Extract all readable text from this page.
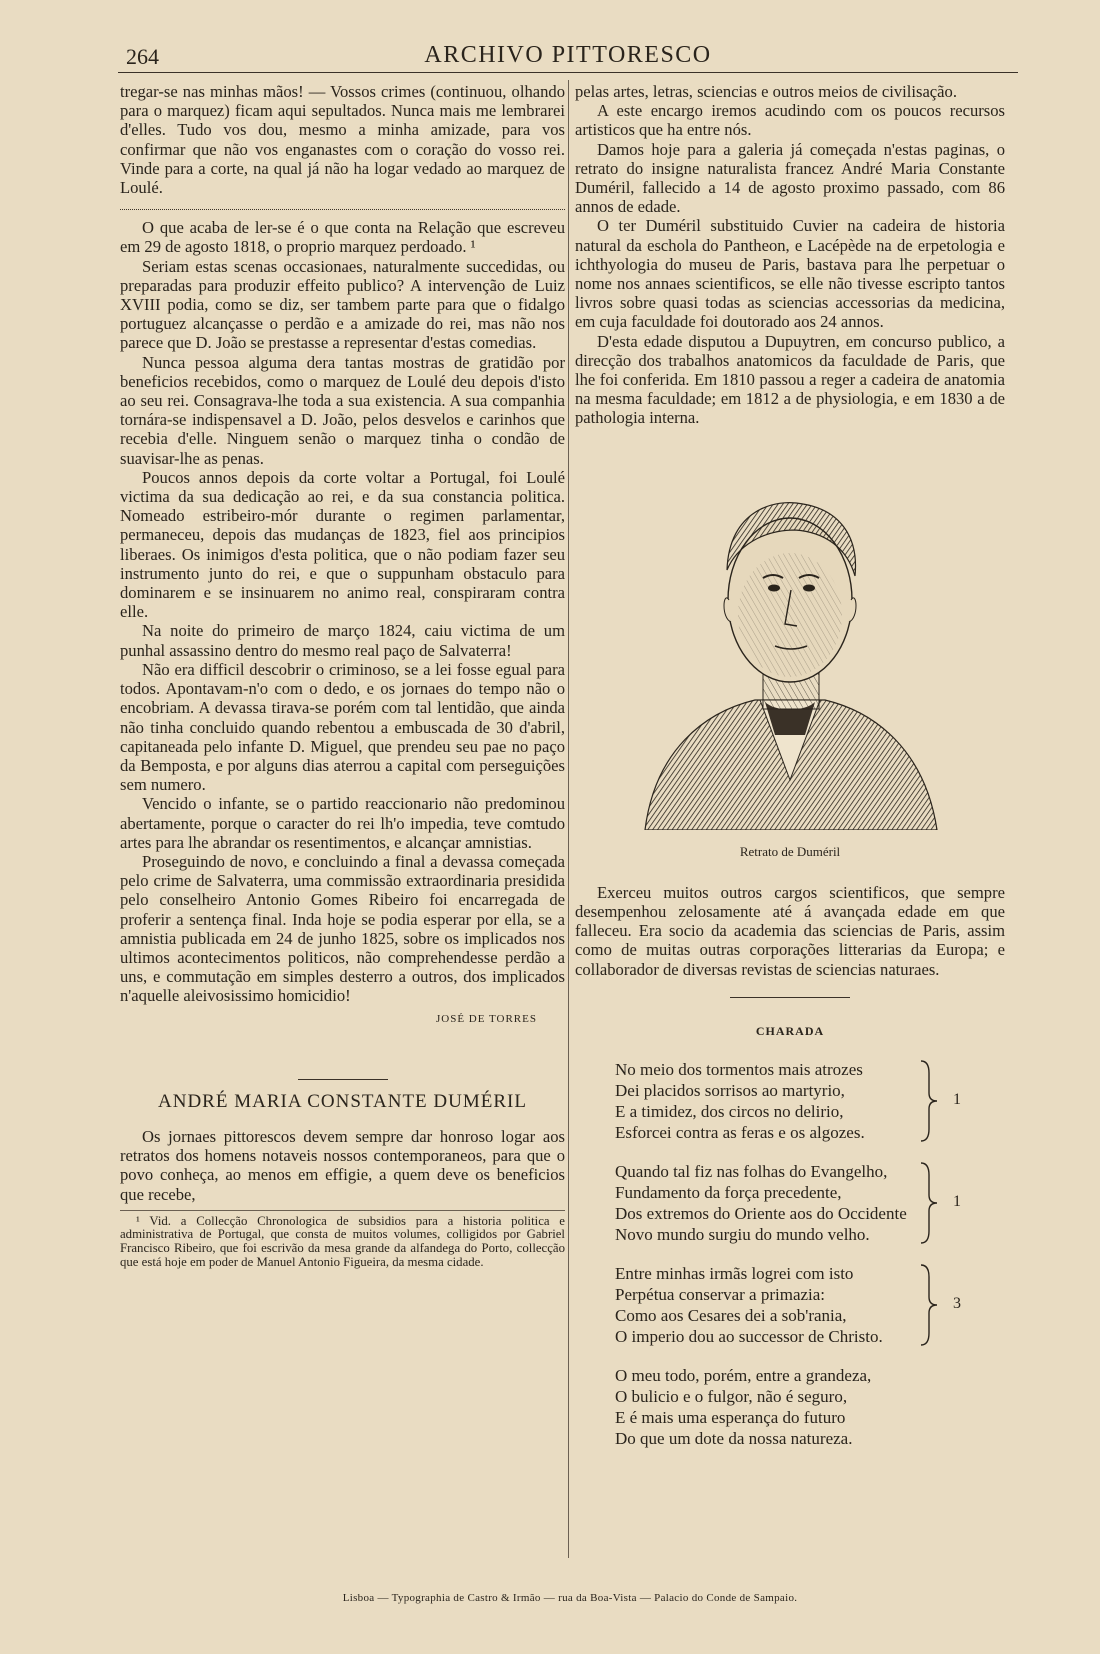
264	ARCHIVO PITTORESCO

tregar-se nas minhas mãos! — Vossos crimes (continuou, olhando para o marquez) ficam aqui sepultados. Nunca mais me lembrarei d'elles. Tudo vos dou, mesmo a minha amizade, para vos confirmar que não vos enganastes com o coração do vosso rei. Vinde para a corte, na qual já não ha logar vedado ao marquez de Loulé.

O que acaba de ler-se é o que conta na Relação que escreveu em 29 de agosto 1818, o proprio marquez perdoado. ¹

Seriam estas scenas occasionaes, naturalmente succedidas, ou preparadas para produzir effeito publico? A intervenção de Luiz XVIII podia, como se diz, ser tambem parte para que o fidalgo portuguez alcançasse o perdão e a amizade do rei, mas não nos parece que D. João se prestasse a representar d'estas comedias.

Nunca pessoa alguma dera tantas mostras de gratidão por beneficios recebidos, como o marquez de Loulé deu depois d'isto ao seu rei. Consagrava-lhe toda a sua existencia. A sua companhia tornára-se indispensavel a D. João, pelos desvelos e carinhos que recebia d'elle. Ninguem senão o marquez tinha o condão de suavisar-lhe as penas.

Poucos annos depois da corte voltar a Portugal, foi Loulé victima da sua dedicação ao rei, e da sua constancia politica. Nomeado estribeiro-mór durante o regimen parlamentar, permaneceu, depois das mudanças de 1823, fiel aos principios liberaes. Os inimigos d'esta politica, que o não podiam fazer seu instrumento junto do rei, e que o suppunham obstaculo para dominarem e se insinuarem no animo real, conspiraram contra elle.

Na noite do primeiro de março 1824, caiu victima de um punhal assassino dentro do mesmo real paço de Salvaterra!

Não era difficil descobrir o criminoso, se a lei fosse egual para todos. Apontavam-n'o com o dedo, e os jornaes do tempo não o encobriam. A devassa tirava-se porém com tal lentidão, que ainda não tinha concluido quando rebentou a embuscada de 30 d'abril, capitaneada pelo infante D. Miguel, que prendeu seu pae no paço da Bemposta, e por alguns dias aterrou a capital com perseguições sem numero.

Vencido o infante, se o partido reaccionario não predominou abertamente, porque o caracter do rei lh'o impedia, teve comtudo artes para lhe abrandar os resentimentos, e alcançar amnistias.

Proseguindo de novo, e concluindo a final a devassa começada pelo crime de Salvaterra, uma commissão extraordinaria presidida pelo conselheiro Antonio Gomes Ribeiro foi encarregada de proferir a sentença final. Inda hoje se podia esperar por ella, se a amnistia publicada em 24 de junho 1825, sobre os implicados nos ultimos acontecimentos politicos, não comprehendesse perdão a uns, e commutação em simples desterro a outros, dos implicados n'aquelle aleivosissimo homicidio!

JOSÉ DE TORRES
ANDRÉ MARIA CONSTANTE DUMÉRIL

Os jornaes pittorescos devem sempre dar honroso logar aos retratos dos homens notaveis nossos contemporaneos, para que o povo conheça, ao menos em effigie, a quem deve os beneficios que recebe,

¹ Vid. a Collecção Chronologica de subsidios para a historia politica e administrativa de Portugal, que consta de muitos volumes, colligidos por Gabriel Francisco Ribeiro, que foi escrivão da mesa grande da alfandega do Porto, collecção que está hoje em poder de Manuel Antonio Figueira, da mesma cidade.

pelas artes, letras, sciencias e outros meios de civilisação.

A este encargo iremos acudindo com os poucos recursos artisticos que ha entre nós.

Damos hoje para a galeria já começada n'estas paginas, o retrato do insigne naturalista francez André Maria Constante Duméril, fallecido a 14 de agosto proximo passado, com 86 annos de edade.

O ter Duméril substituido Cuvier na cadeira de historia natural da eschola do Pantheon, e Lacépède na de erpetologia e ichthyologia do museu de Paris, bastava para lhe perpetuar o nome nos annaes scientificos, se elle não tivesse escripto tantos livros sobre quasi todas as sciencias accessorias da medicina, em cuja faculdade foi doutorado aos 24 annos.

D'esta edade disputou a Dupuytren, em concurso publico, a direcção dos trabalhos anatomicos da faculdade de Paris, que lhe foi conferida. Em 1810 passou a reger a cadeira de anatomia na mesma faculdade; em 1812 a de physiologia, e em 1830 a de pathologia interna.

Retrato de Duméril

Exerceu muitos outros cargos scientificos, que sempre desempenhou zelosamente até á avançada edade em que falleceu. Era socio da academia das sciencias de Paris, assim como de muitas outras corporações litterarias da Europa; e collaborador de diversas revistas de sciencias naturaes.

CHARADA
No meio dos tormentos mais atrozes
Dei placidos sorrisos ao martyrio,
E a timidez, dos circos no delirio,
Esforcei contra as feras e os algozes.
1
Quando tal fiz nas folhas do Evangelho,
Fundamento da força precedente,
Dos extremos do Oriente aos do Occidente
Novo mundo surgiu do mundo velho.
1
Entre minhas irmãs logrei com isto
Perpétua conservar a primazia:
Como aos Cesares dei a sob'rania,
O imperio dou ao successor de Christo.
3
O meu todo, porém, entre a grandeza,
O bulicio e o fulgor, não é seguro,
E é mais uma esperança do futuro
Do que um dote da nossa natureza.
Lisboa — Typographia de Castro & Irmão — rua da Boa-Vista — Palacio do Conde de Sampaio.
